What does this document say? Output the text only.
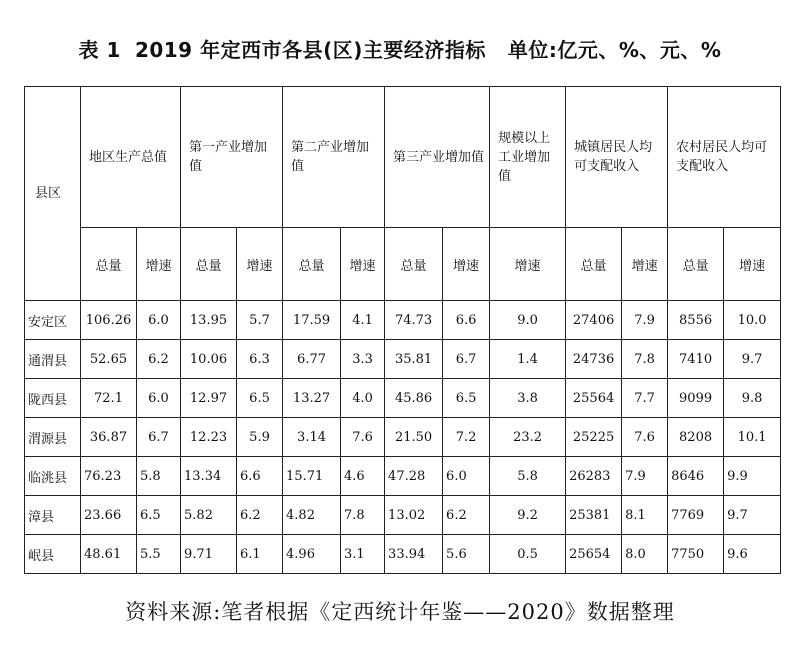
表 1 2019 年定西市各县(区)主要经济指标 单位:亿元、%、元、%
县区	地区生产总值		第一产业增加值		第二产业增加值		第三产业增加值		规模以上工业增加值	城镇居民人均可支配收入		农村居民人均可支配收入	
	总量	增速	总量	增速	总量	增速	总量	增速	增速	总量	增速	总量	增速
安定区	106.26	6.0	13.95	5.7	17.59	4.1	74.73	6.6	9.0	27406	7.9	8556	10.0
通渭县	52.65	6.2	10.06	6.3	6.77	3.3	35.81	6.7	1.4	24736	7.8	7410	9.7
陇西县	72.1	6.0	12.97	6.5	13.27	4.0	45.86	6.5	3.8	25564	7.7	9099	9.8
渭源县	36.87	6.7	12.23	5.9	3.14	7.6	21.50	7.2	23.2	25225	7.6	8208	10.1
临洮县	76.23	5.8	13.34	6.6	15.71	4.6	47.28	6.0	5.8	26283	7.9	8646	9.9
漳县	23.66	6.5	5.82	6.2	4.82	7.8	13.02	6.2	9.2	25381	8.1	7769	9.7
岷县	48.61	5.5	9.71	6.1	4.96	3.1	33.94	5.6	0.5	25654	8.0	7750	9.6
资料来源:笔者根据《定西统计年鉴——2020》数据整理
